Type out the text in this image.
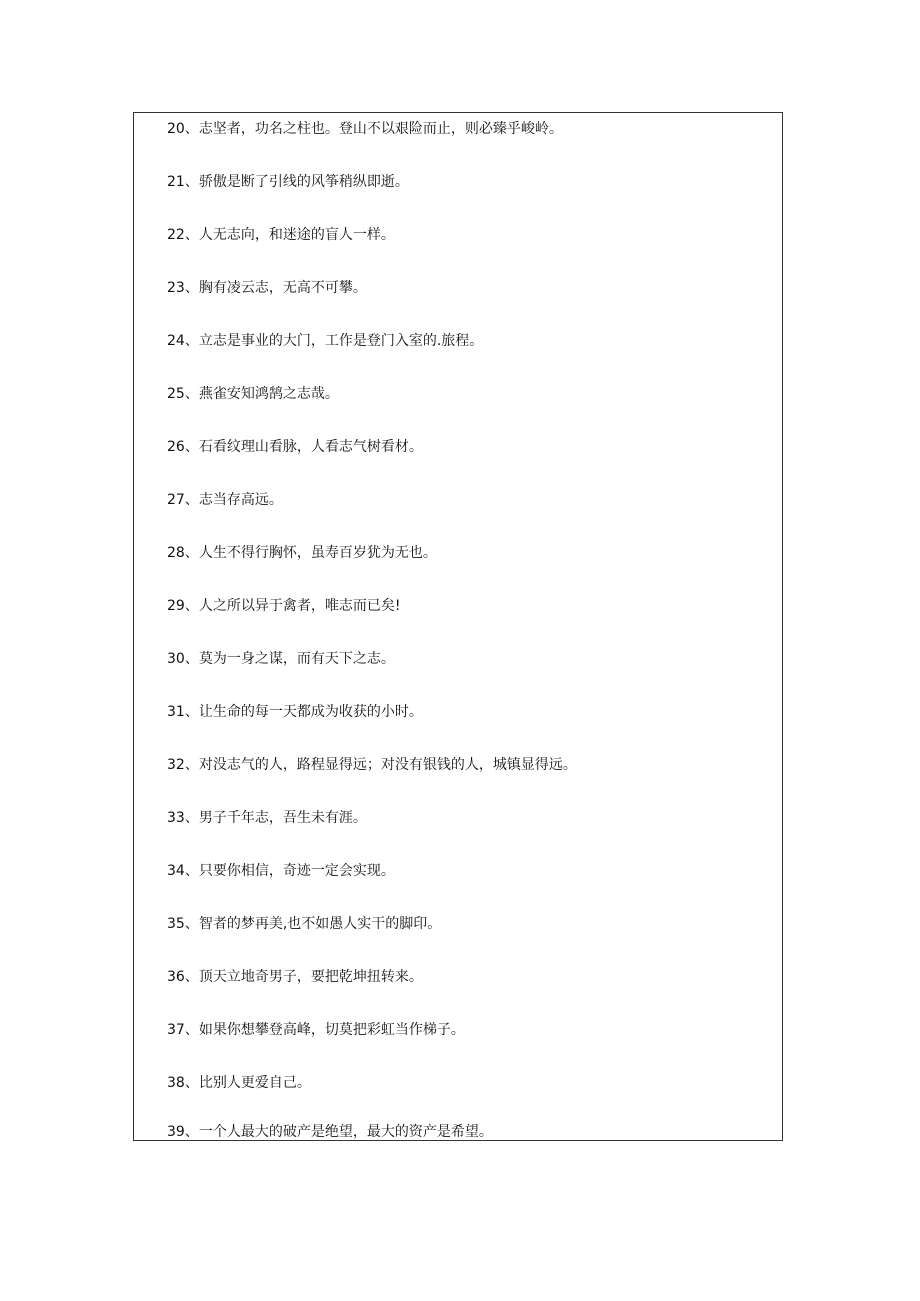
20、志坚者，功名之柱也。登山不以艰险而止，则必臻乎峻岭。
21、骄傲是断了引线的风筝稍纵即逝。
22、人无志向，和迷途的盲人一样。
23、胸有凌云志，无高不可攀。
24、立志是事业的大门，工作是登门入室的.旅程。
25、燕雀安知鸿鹄之志哉。
26、石看纹理山看脉，人看志气树看材。
27、志当存高远。
28、人生不得行胸怀，虽寿百岁犹为无也。
29、人之所以异于禽者，唯志而已矣!
30、莫为一身之谋，而有天下之志。
31、让生命的每一天都成为收获的小时。
32、对没志气的人，路程显得远；对没有银钱的人，城镇显得远。
33、男子千年志，吾生未有涯。
34、只要你相信，奇迹一定会实现。
35、智者的梦再美,也不如愚人实干的脚印。
36、顶天立地奇男子，要把乾坤扭转来。
37、如果你想攀登高峰，切莫把彩虹当作梯子。
38、比别人更爱自己。
39、一个人最大的破产是绝望，最大的资产是希望。
